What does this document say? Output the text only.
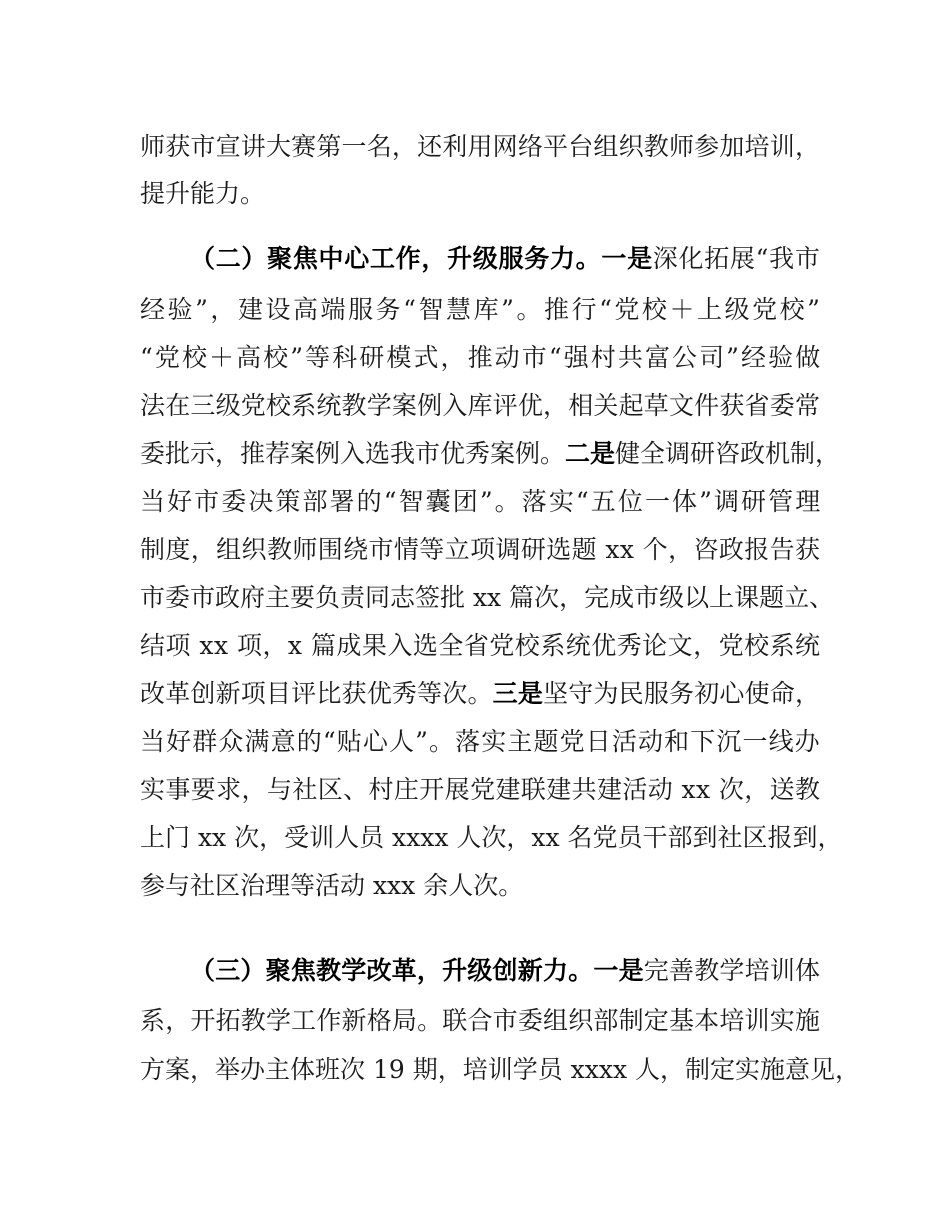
师获市宣讲大赛第一名，还利用网络平台组织教师参加培训，
提升能力。
（二）聚焦中心工作，升级服务力。一是深化拓展“我市
经验”，建设高端服务“智慧库”。推行“党校＋上级党校”
“党校＋高校”等科研模式，推动市“强村共富公司”经验做
法在三级党校系统教学案例入库评优，相关起草文件获省委常
委批示，推荐案例入选我市优秀案例。二是健全调研咨政机制，
当好市委决策部署的“智囊团”。落实“五位一体”调研管理
制度，组织教师围绕市情等立项调研选题 xx 个，咨政报告获
市委市政府主要负责同志签批 xx 篇次，完成市级以上课题立、
结项 xx 项，x 篇成果入选全省党校系统优秀论文，党校系统
改革创新项目评比获优秀等次。三是坚守为民服务初心使命，
当好群众满意的“贴心人”。落实主题党日活动和下沉一线办
实事要求，与社区、村庄开展党建联建共建活动 xx 次，送教
上门 xx 次，受训人员 xxxx 人次，xx 名党员干部到社区报到，
参与社区治理等活动 xxx 余人次。
（三）聚焦教学改革，升级创新力。一是完善教学培训体
系，开拓教学工作新格局。联合市委组织部制定基本培训实施
方案，举办主体班次 19 期，培训学员 xxxx 人，制定实施意见，
